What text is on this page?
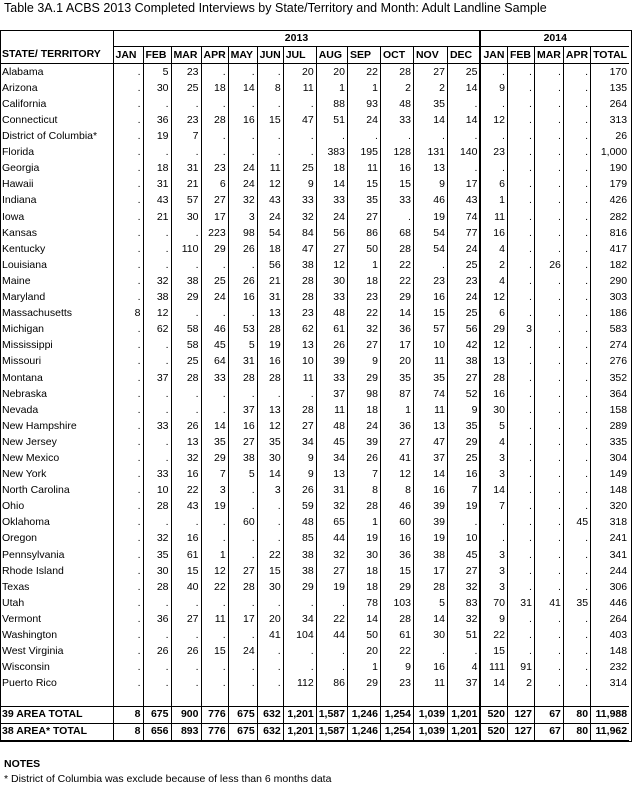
Table 3A.1 ACBS 2013 Completed Interviews by State/Territory and Month: Adult Landline Sample
	2013												2014				
STATE/ TERRITORY	JAN	FEB	MAR	APR	MAY	JUN	JUL	AUG	SEP	OCT	NOV	DEC	JAN	FEB	MAR	APR	TOTAL
Alabama	.	5	23	.	.	.	20	20	22	28	27	25	.	.	.	.	170
Arizona	.	30	25	18	14	8	11	1	1	2	2	14	9	.	.	.	135
California	.	.	.	.	.	.	.	88	93	48	35	.	.	.	.	.	264
Connecticut	.	36	23	28	16	15	47	51	24	33	14	14	12	.	.	.	313
District of Columbia*	.	19	7	.	.	.	.	.	.	.	.	.	.	.	.	.	26
Florida	.	.	.	.	.	.	.	383	195	128	131	140	23	.	.	.	1,000
Georgia	.	18	31	23	24	11	25	18	11	16	13	.	.	.	.	.	190
Hawaii	.	31	21	6	24	12	9	14	15	15	9	17	6	.	.	.	179
Indiana	.	43	57	27	32	43	33	33	35	33	46	43	1	.	.	.	426
Iowa	.	21	30	17	3	24	32	24	27	.	19	74	11	.	.	.	282
Kansas	.	.	.	223	98	54	84	56	86	68	54	77	16	.	.	.	816
Kentucky	.	.	110	29	26	18	47	27	50	28	54	24	4	.	.	.	417
Louisiana	.	.	.	.	.	56	38	12	1	22	.	25	2	.	26	.	182
Maine	.	32	38	25	26	21	28	30	18	22	23	23	4	.	.	.	290
Maryland	.	38	29	24	16	31	28	33	23	29	16	24	12	.	.	.	303
Massachusetts	8	12	.	.	.	13	23	48	22	14	15	25	6	.	.	.	186
Michigan	.	62	58	46	53	28	62	61	32	36	57	56	29	3	.	.	583
Mississippi	.	.	58	45	5	19	13	26	27	17	10	42	12	.	.	.	274
Missouri	.	.	25	64	31	16	10	39	9	20	11	38	13	.	.	.	276
Montana	.	37	28	33	28	28	11	33	29	35	35	27	28	.	.	.	352
Nebraska	.	.	.	.	.	.	.	37	98	87	74	52	16	.	.	.	364
Nevada	.	.	.	.	37	13	28	11	18	1	11	9	30	.	.	.	158
New Hampshire	.	33	26	14	16	12	27	48	24	36	13	35	5	.	.	.	289
New Jersey	.	.	13	35	27	35	34	45	39	27	47	29	4	.	.	.	335
New Mexico	.	.	32	29	38	30	9	34	26	41	37	25	3	.	.	.	304
New York	.	33	16	7	5	14	9	13	7	12	14	16	3	.	.	.	149
North Carolina	.	10	22	3	.	3	26	31	8	8	16	7	14	.	.	.	148
Ohio	.	28	43	19	.	.	59	32	28	46	39	19	7	.	.	.	320
Oklahoma	.	.	.	.	60	.	48	65	1	60	39	.	.	.	.	45	318
Oregon	.	32	16	.	.	.	85	44	19	16	19	10	.	.	.	.	241
Pennsylvania	.	35	61	1	.	22	38	32	30	36	38	45	3	.	.	.	341
Rhode Island	.	30	15	12	27	15	38	27	18	15	17	27	3	.	.	.	244
Texas	.	28	40	22	28	30	29	19	18	29	28	32	3	.	.	.	306
Utah	.	.	.	.	.	.	.	.	78	103	5	83	70	31	41	35	446
Vermont	.	36	27	11	17	20	34	22	14	28	14	32	9	.	.	.	264
Washington	.	.	.	.	.	41	104	44	50	61	30	51	22	.	.	.	403
West Virginia	.	26	26	15	24	.	.	.	20	22	.	.	15	.	.	.	148
Wisconsin	.	.	.	.	.	.	.	.	1	9	16	4	111	91	.	.	232
Puerto Rico	.	.	.	.	.	.	112	86	29	23	11	37	14	2	.	.	314

39 AREA TOTAL	8	675	900	776	675	632	1,201	1,587	1,246	1,254	1,039	1,201	520	127	67	80	11,988
38 AREA* TOTAL	8	656	893	776	675	632	1,201	1,587	1,246	1,254	1,039	1,201	520	127	67	80	11,962
NOTES
* District of Columbia was exclude because of less than 6 months data
